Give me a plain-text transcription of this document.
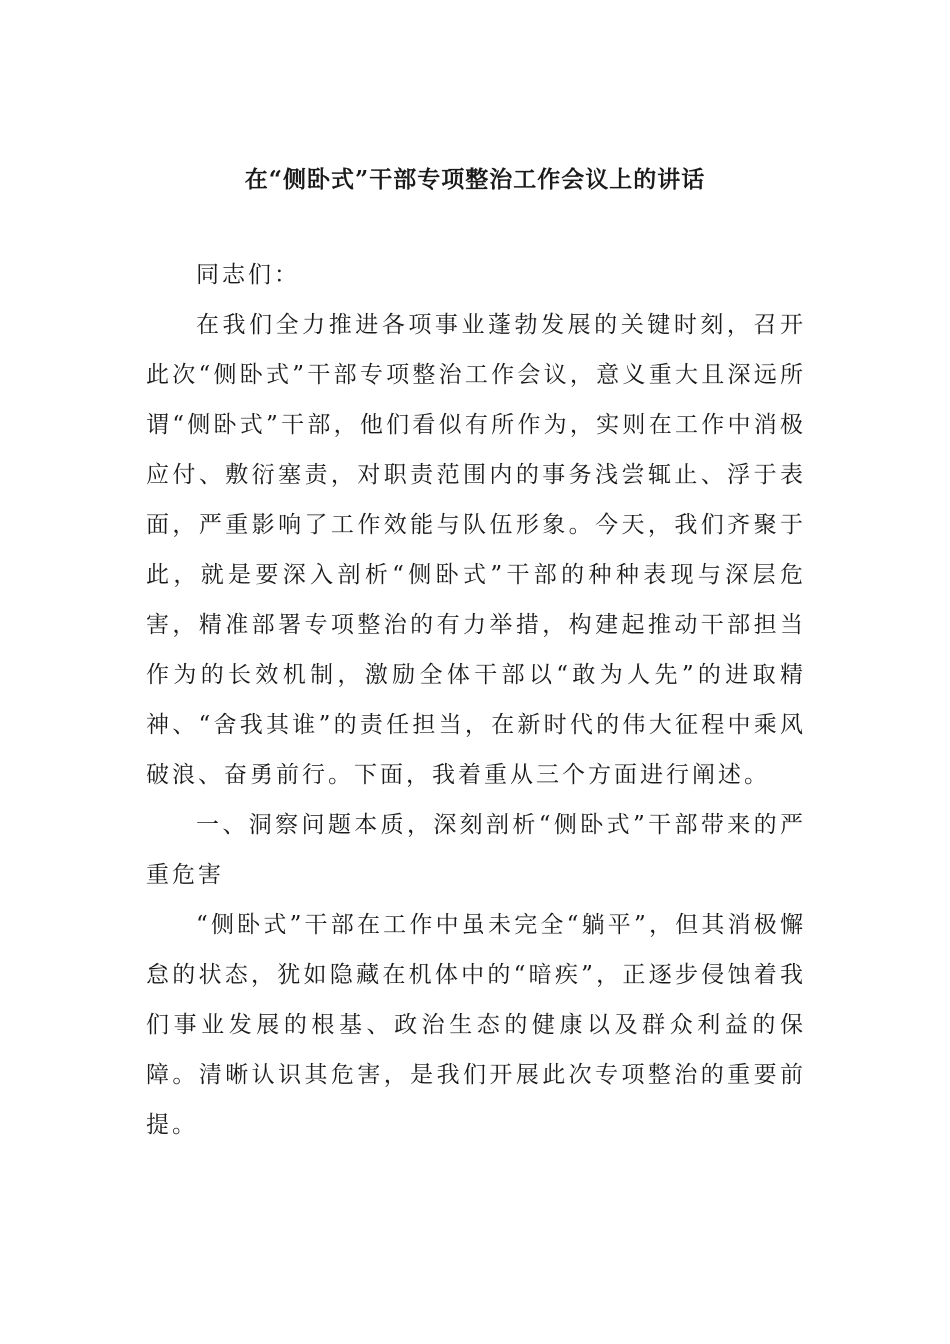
在“侧卧式”干部专项整治工作会议上的讲话

同志们：

在我们全力推进各项事业蓬勃发展的关键时刻，召开此次“侧卧式”干部专项整治工作会议，意义重大且深远所谓“侧卧式”干部，他们看似有所作为，实则在工作中消极应付、敷衍塞责，对职责范围内的事务浅尝辄止、浮于表面，严重影响了工作效能与队伍形象。今天，我们齐聚于此，就是要深入剖析“侧卧式”干部的种种表现与深层危害，精准部署专项整治的有力举措，构建起推动干部担当作为的长效机制，激励全体干部以“敢为人先”的进取精神、“舍我其谁”的责任担当，在新时代的伟大征程中乘风破浪、奋勇前行。下面，我着重从三个方面进行阐述。

一、洞察问题本质，深刻剖析“侧卧式”干部带来的严重危害

“侧卧式”干部在工作中虽未完全“躺平”，但其消极懈怠的状态，犹如隐藏在机体中的“暗疾”，正逐步侵蚀着我们事业发展的根基、政治生态的健康以及群众利益的保障。清晰认识其危害，是我们开展此次专项整治的重要前提。
